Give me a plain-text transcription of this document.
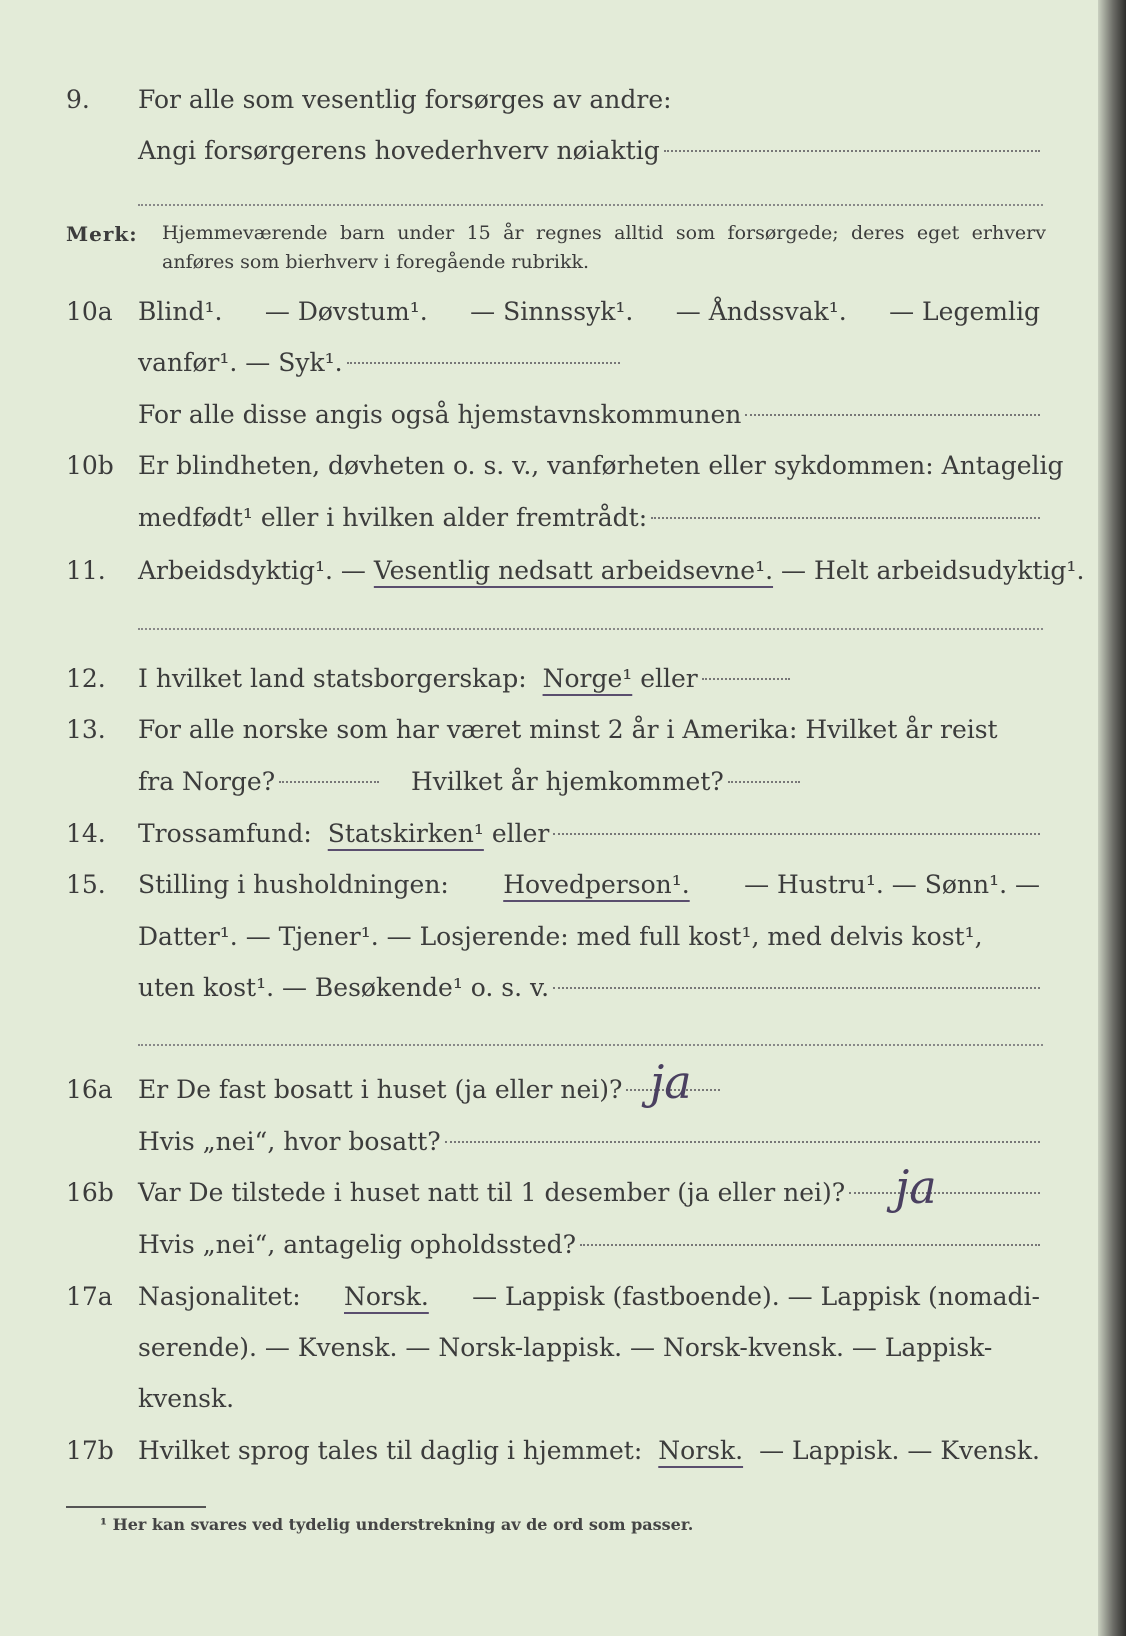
9.	For alle som vesentlig forsørges av andre:
Angi forsørgerens hovederhverv nøiaktig
Merk: Hjemmeværende barn under 15 år regnes alltid som forsørgede; deres eget erhverv anføres som bierhverv i foregående rubrikk.
10a	Blind¹. — Døvstum¹. — Sinnssyk¹. — Åndssvak¹. — Legemlig
vanfør¹. — Syk¹.
For alle disse angis også hjemstavnskommunen
10b Er blindheten, døvheten o. s. v., vanførheten eller sykdommen: Antagelig
medfødt¹ eller i hvilken alder fremtrådt:
11.	Arbeidsdyktig¹. —
Vesentlig nedsatt arbeidsevne¹.
— Helt arbeidsudyktig¹.
12.	I hvilket land statsborgerskap:
Norge¹
eller
13.	For alle norske som har været minst 2 år i Amerika: Hvilket år reist
fra Norge?
	Hvilket år hjemkommet?
14.	Trossamfund:
Statskirken¹
eller
15.	Stilling i husholdningen: Hovedperson¹. — Hustru¹. — Sønn¹. —
Datter¹. — Tjener¹. — Losjerende: med full kost¹, med delvis kost¹,
uten kost¹. — Besøkende¹ o. s. v.
16a	Er De fast bosatt i huset (ja eller nei)? ja
Hvis „nei“, hvor bosatt?
16b Var De tilstede i huset natt til 1 desember (ja eller nei)? ja
Hvis „nei“, antagelig opholdssted?
17a	Nasjonalitet: Norsk. — Lappisk (fastboende). — Lappisk (nomadi-
serende). — Kvensk. — Norsk-lappisk. — Norsk-kvensk. — Lappisk-
kvensk.
17b Hvilket sprog tales til daglig i hjemmet: Norsk. — Lappisk. — Kvensk.
¹ Her kan svares ved tydelig understrekning av de ord som passer.
